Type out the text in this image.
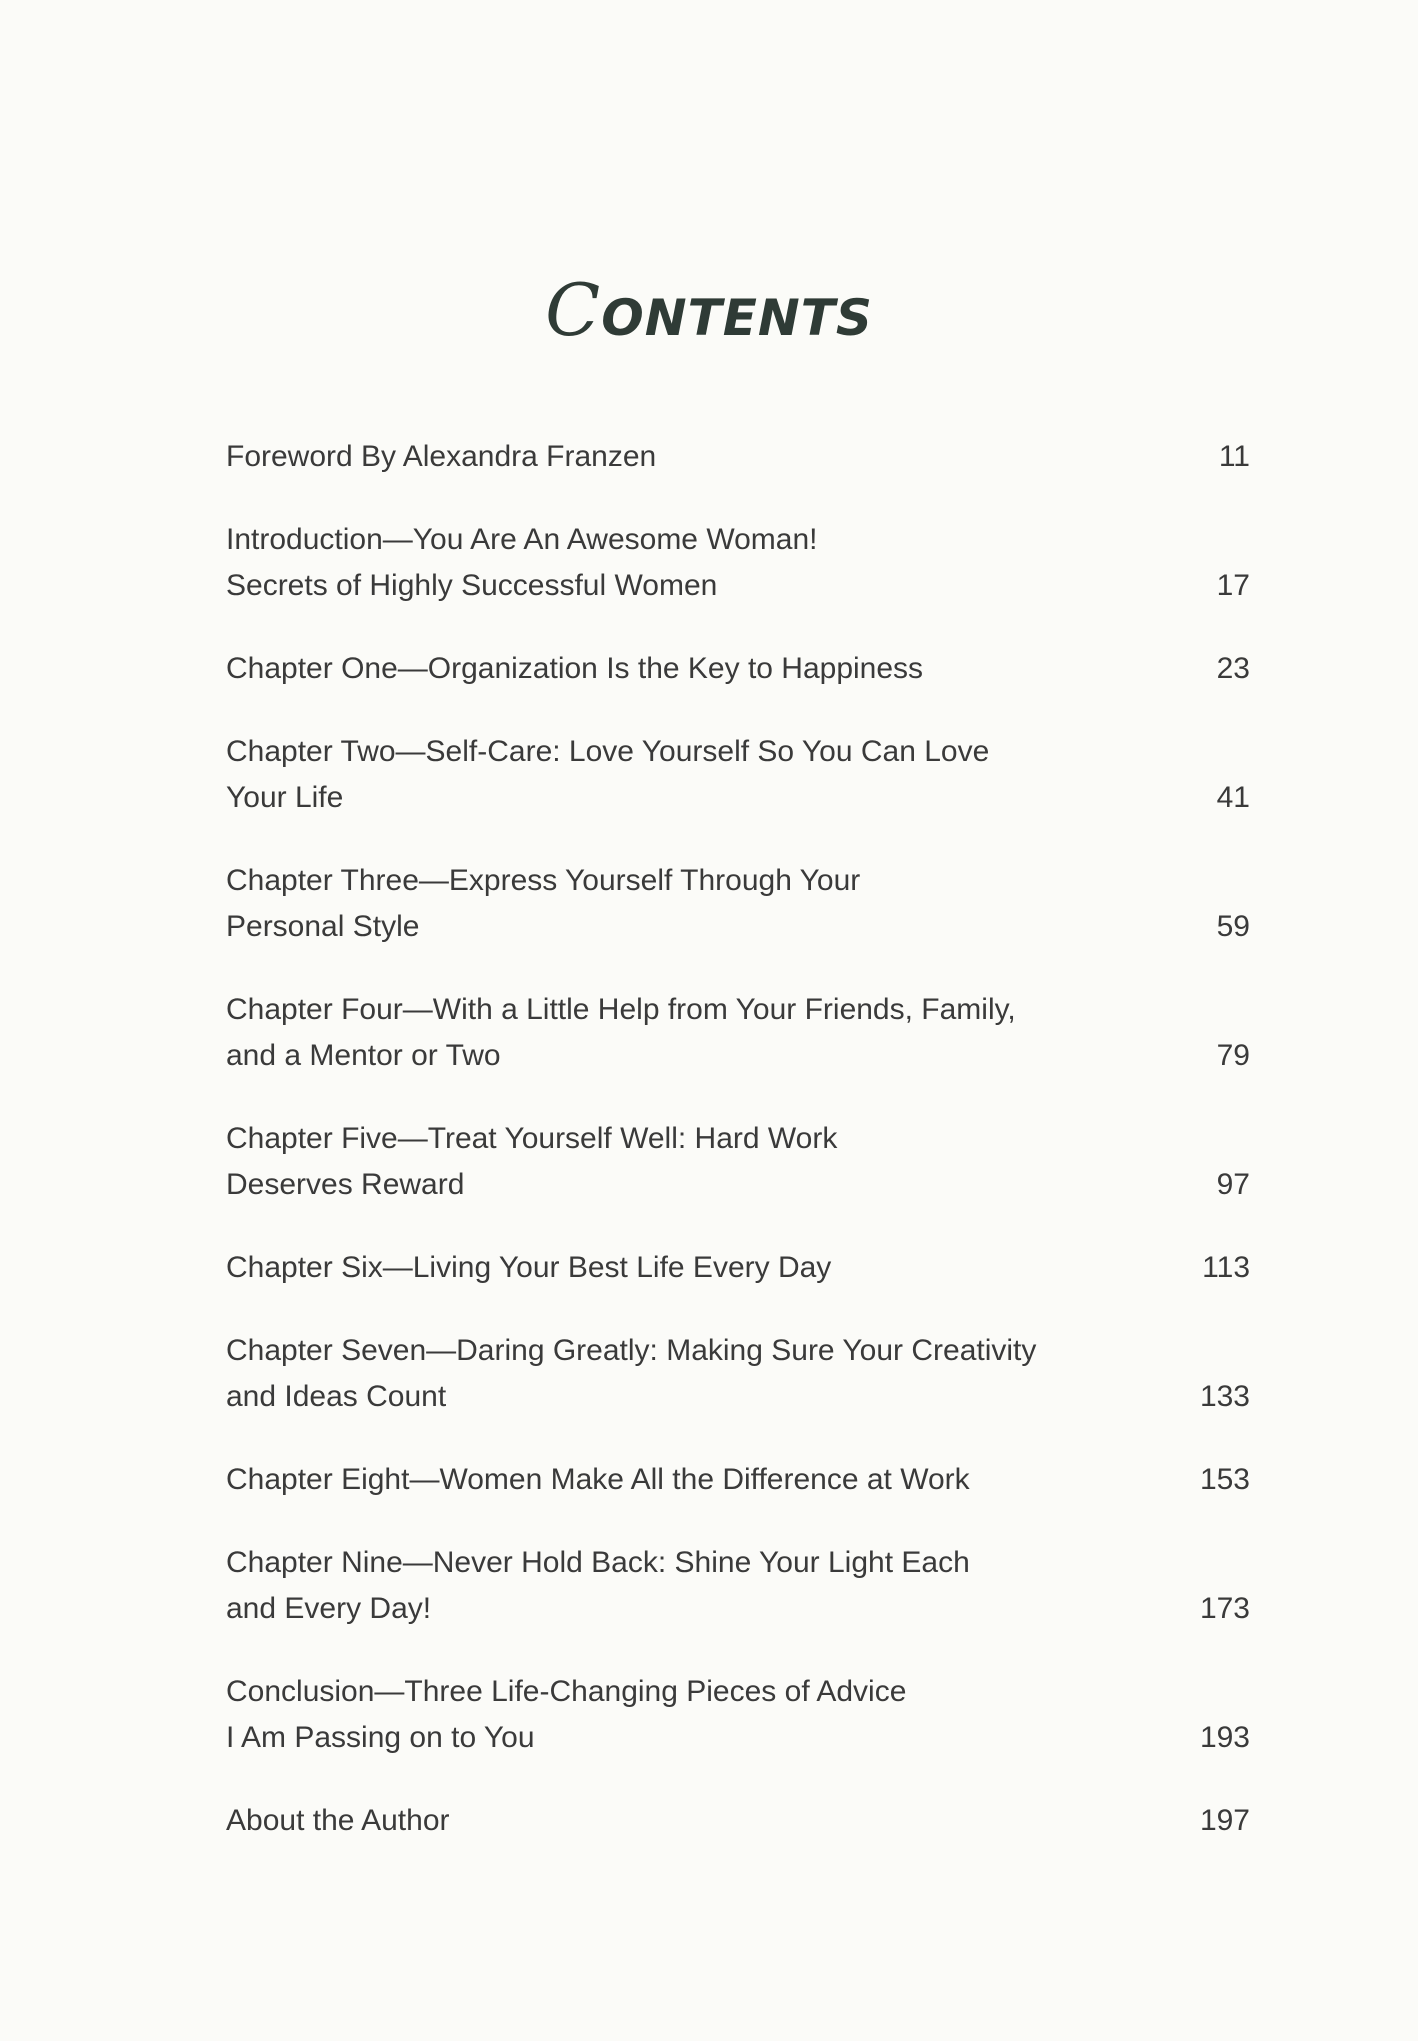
CONTENTS
Foreword By Alexandra Franzen	11
Introduction—You Are An Awesome Woman!
Secrets of Highly Successful Women	17
Chapter One—Organization Is the Key to Happiness	23
Chapter Two—Self-Care: Love Yourself So You Can Love
Your Life	41
Chapter Three—Express Yourself Through Your
Personal Style	59
Chapter Four—With a Little Help from Your Friends, Family,
and a Mentor or Two	79
Chapter Five—Treat Yourself Well: Hard Work
Deserves Reward	97
Chapter Six—Living Your Best Life Every Day	113
Chapter Seven—Daring Greatly: Making Sure Your Creativity
and Ideas Count	133
Chapter Eight—Women Make All the Difference at Work	153
Chapter Nine—Never Hold Back: Shine Your Light Each
and Every Day!	173
Conclusion—Three Life-Changing Pieces of Advice
I Am Passing on to You	193
About the Author	197
